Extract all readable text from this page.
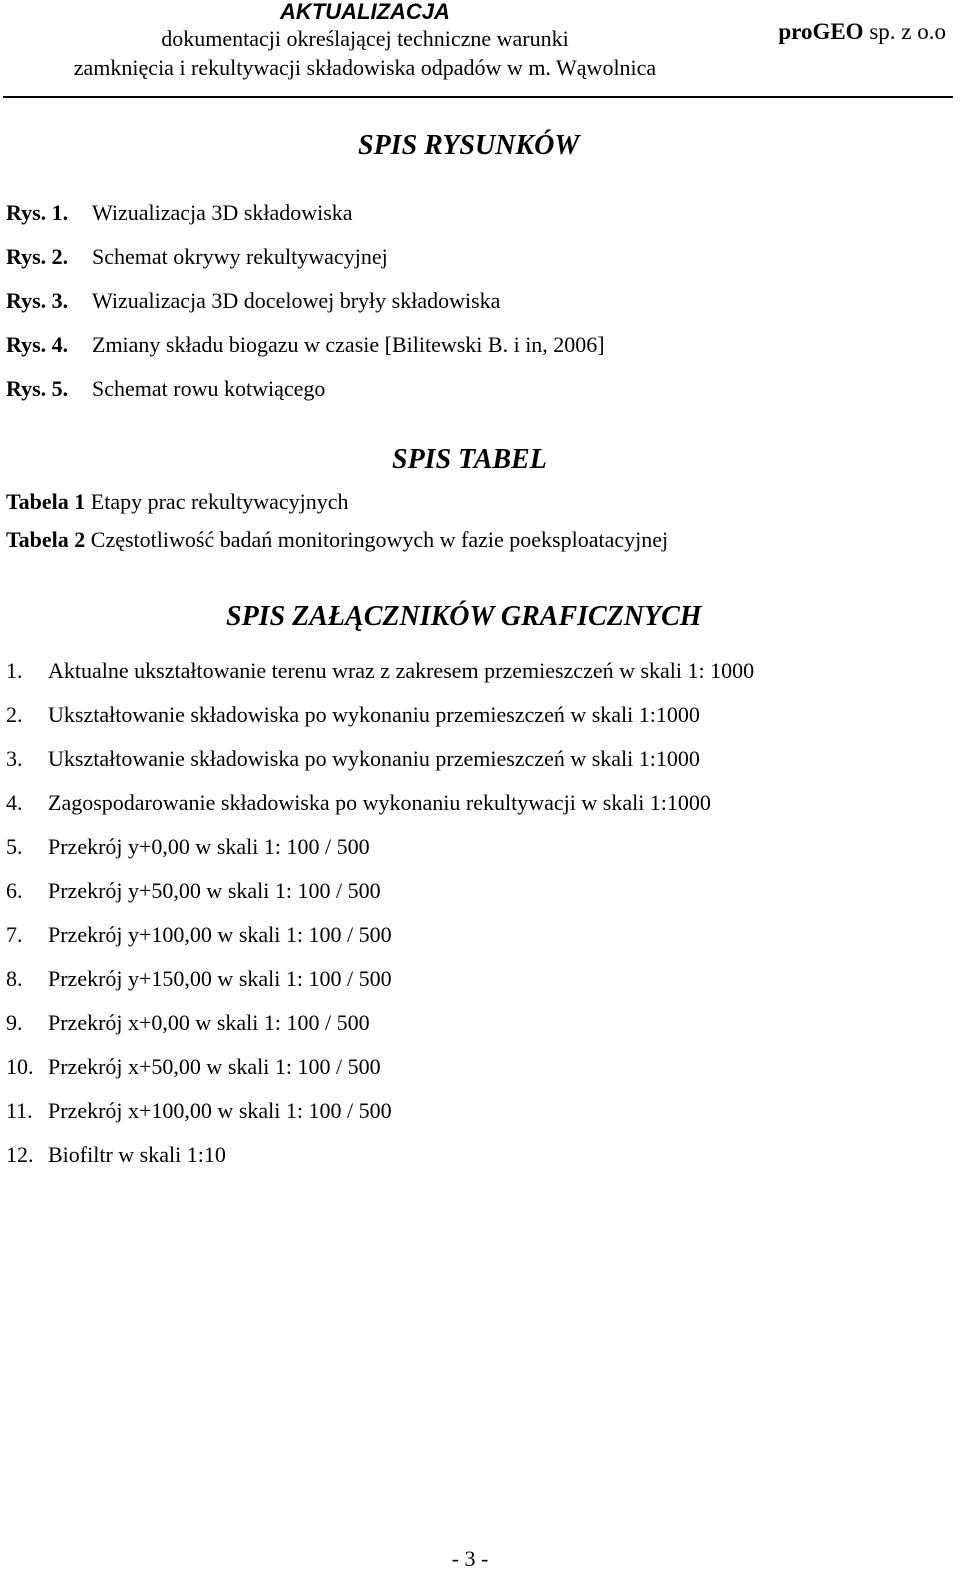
AKTUALIZACJA
dokumentacji określającej techniczne warunki
zamknięcia i rekultywacji składowiska odpadów w m. Wąwolnica
proGEO sp. z o.o
SPIS RYSUNKÓW
Rys. 1. Wizualizacja 3D składowiska
Rys. 2. Schemat okrywy rekultywacyjnej
Rys. 3. Wizualizacja 3D docelowej bryły składowiska
Rys. 4. Zmiany składu biogazu w czasie [Bilitewski B. i in, 2006]
Rys. 5. Schemat rowu kotwiącego
SPIS TABEL
Tabela 1 Etapy prac rekultywacyjnych
Tabela 2 Częstotliwość badań monitoringowych w fazie poeksploatacyjnej
SPIS ZAŁĄCZNIKÓW GRAFICZNYCH
1. Aktualne ukształtowanie terenu wraz z zakresem przemieszczeń w skali 1: 1000
2. Ukształtowanie składowiska po wykonaniu przemieszczeń w skali 1:1000
3. Ukształtowanie składowiska po wykonaniu przemieszczeń w skali 1:1000
4. Zagospodarowanie składowiska po wykonaniu rekultywacji w skali 1:1000
5. Przekrój y+0,00 w skali 1: 100 / 500
6. Przekrój y+50,00 w skali 1: 100 / 500
7. Przekrój y+100,00 w skali 1: 100 / 500
8. Przekrój y+150,00 w skali 1: 100 / 500
9. Przekrój x+0,00 w skali 1: 100 / 500
10. Przekrój x+50,00 w skali 1: 100 / 500
11. Przekrój x+100,00 w skali 1: 100 / 500
12. Biofiltr w skali 1:10
- 3 -
